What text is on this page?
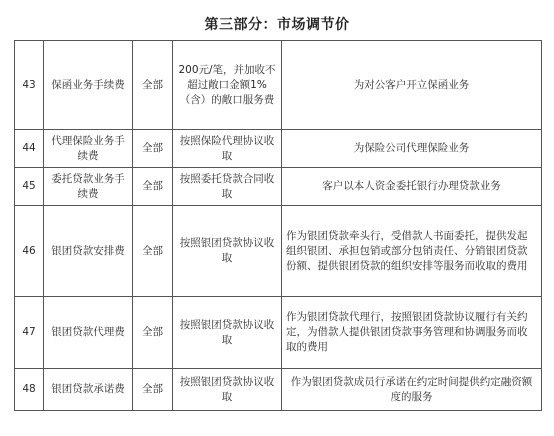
第三部分：市场调节价
43	保函业务手续费	全部	200元/笔，并加收不超过敞口金额1%（含）的敞口服务费	为对公客户开立保函业务
44	代理保险业务手续费	全部	按照保险代理协议收取	为保险公司代理保险业务
45	委托贷款业务手续费	全部	按照委托贷款合同收取	客户以本人资金委托银行办理贷款业务
46	银团贷款安排费	全部	按照银团贷款协议收取	作为银团贷款牵头行，受借款人书面委托，提供发起组织银团、承担包销或部分包销责任、分销银团贷款份额、提供银团贷款的组织安排等服务而收取的费用
47	银团贷款代理费	全部	按照银团贷款协议收取	作为银团贷款代理行，按照银团贷款协议履行有关约定，为借款人提供银团贷款事务管理和协调服务而收取的费用
48	银团贷款承诺费	全部	按照银团贷款协议收取	作为银团贷款成员行承诺在约定时间提供约定融资额度的服务
